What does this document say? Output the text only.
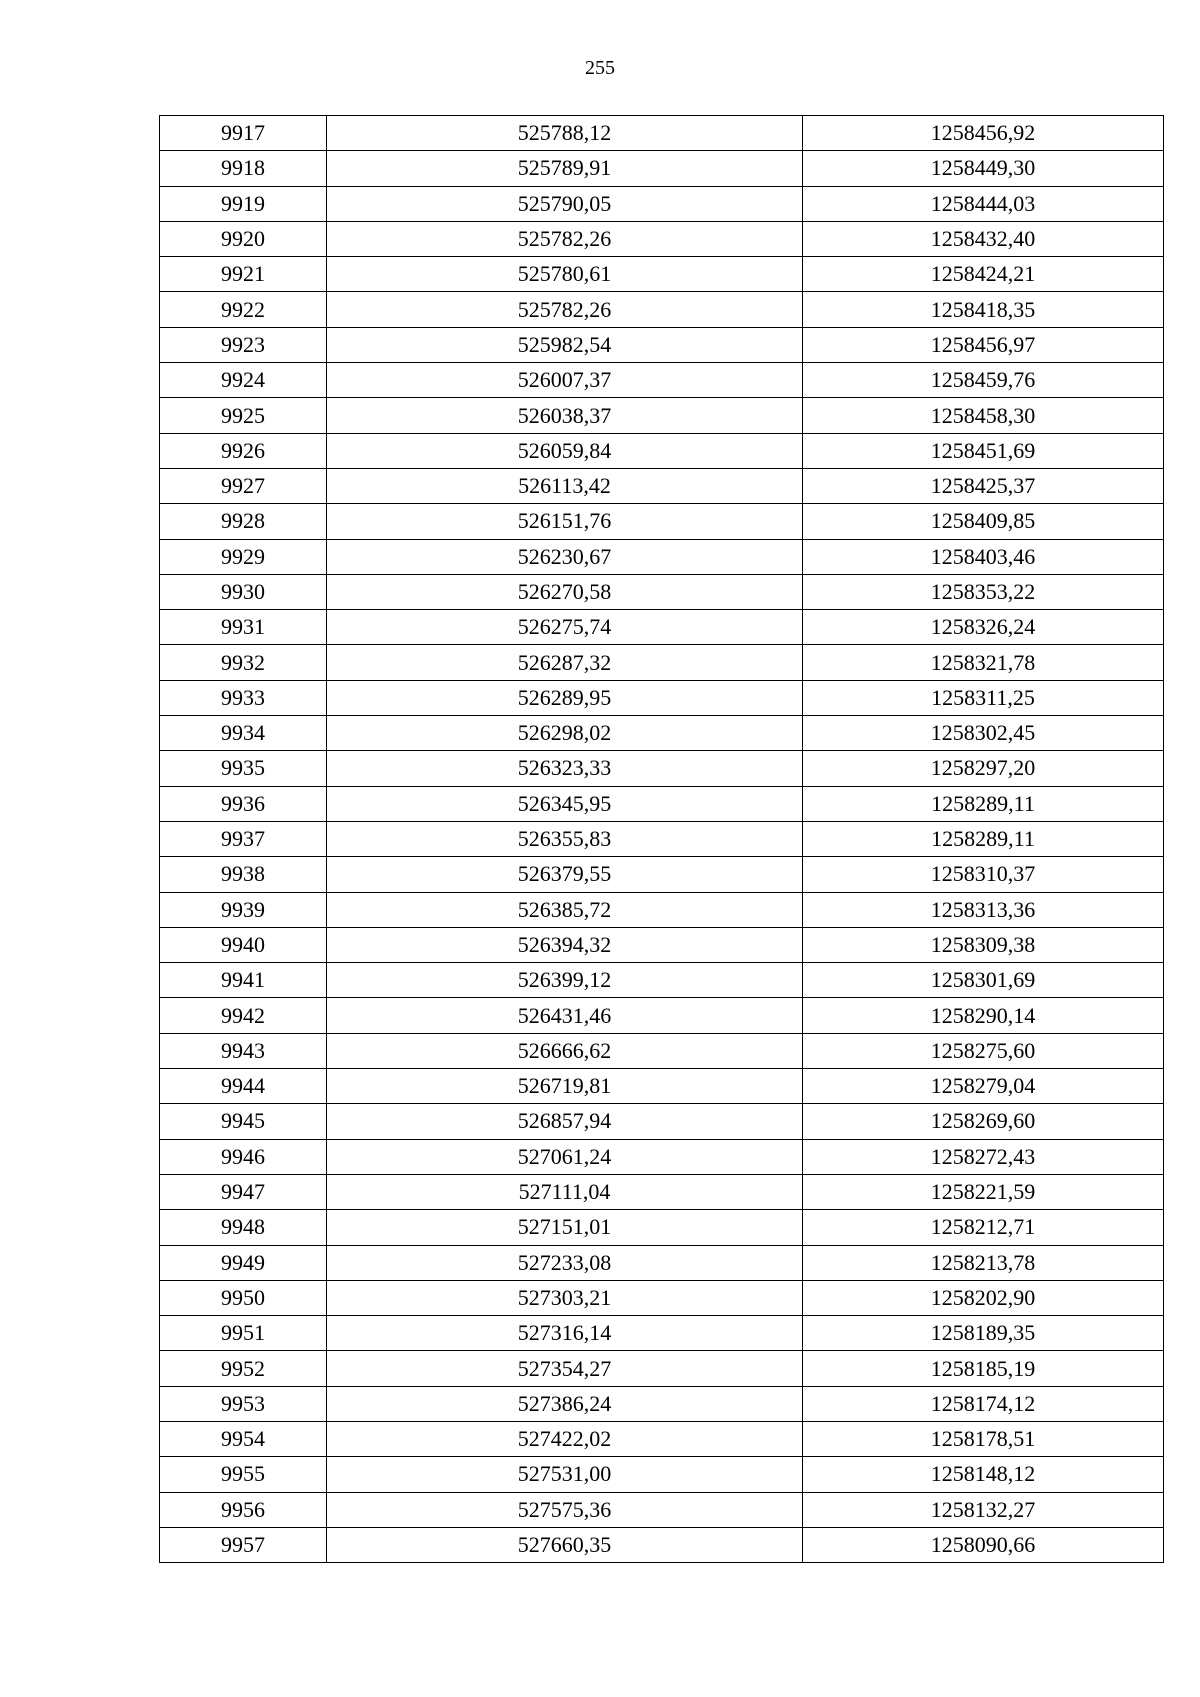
255
9917	525788,12	1258456,92
9918	525789,91	1258449,30
9919	525790,05	1258444,03
9920	525782,26	1258432,40
9921	525780,61	1258424,21
9922	525782,26	1258418,35
9923	525982,54	1258456,97
9924	526007,37	1258459,76
9925	526038,37	1258458,30
9926	526059,84	1258451,69
9927	526113,42	1258425,37
9928	526151,76	1258409,85
9929	526230,67	1258403,46
9930	526270,58	1258353,22
9931	526275,74	1258326,24
9932	526287,32	1258321,78
9933	526289,95	1258311,25
9934	526298,02	1258302,45
9935	526323,33	1258297,20
9936	526345,95	1258289,11
9937	526355,83	1258289,11
9938	526379,55	1258310,37
9939	526385,72	1258313,36
9940	526394,32	1258309,38
9941	526399,12	1258301,69
9942	526431,46	1258290,14
9943	526666,62	1258275,60
9944	526719,81	1258279,04
9945	526857,94	1258269,60
9946	527061,24	1258272,43
9947	527111,04	1258221,59
9948	527151,01	1258212,71
9949	527233,08	1258213,78
9950	527303,21	1258202,90
9951	527316,14	1258189,35
9952	527354,27	1258185,19
9953	527386,24	1258174,12
9954	527422,02	1258178,51
9955	527531,00	1258148,12
9956	527575,36	1258132,27
9957	527660,35	1258090,66
